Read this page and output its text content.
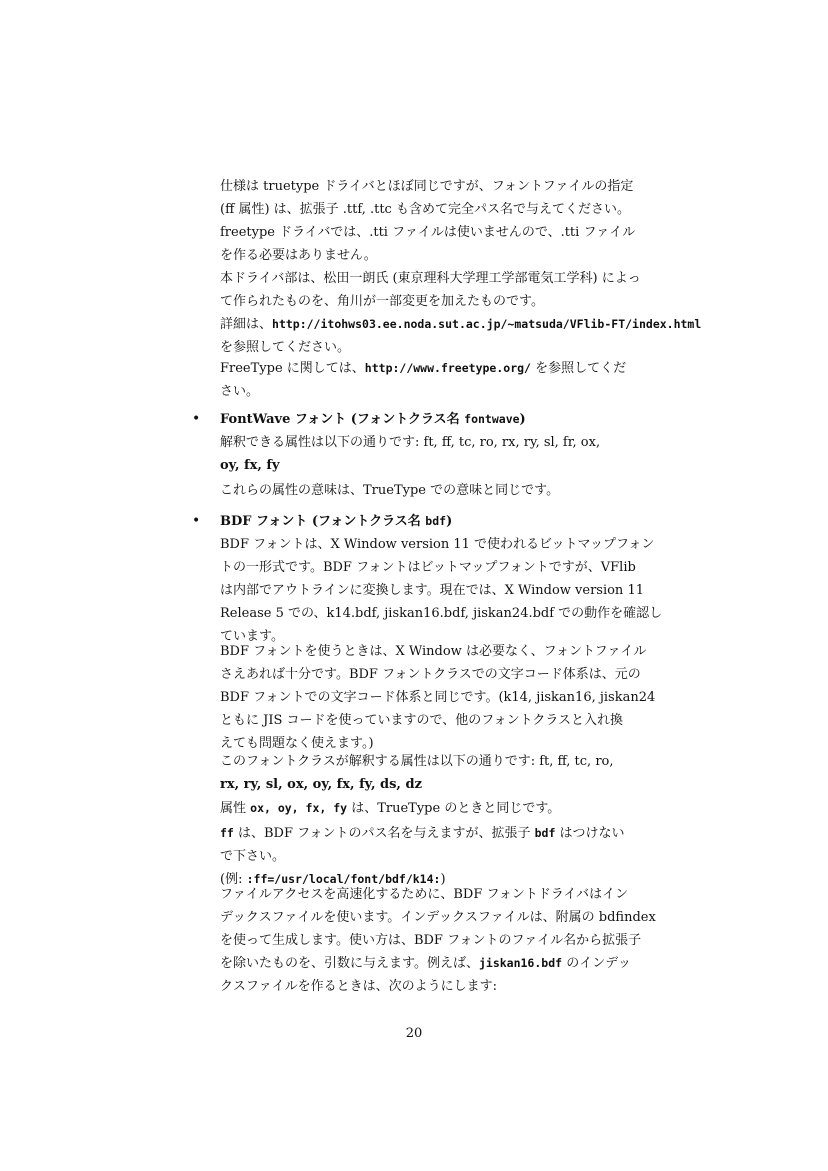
仕様は truetype ドライバとほぼ同じですが、フォントファイルの指定
(ff 属性) は、拡張子 .ttf, .ttc も含めて完全パス名で与えてください。
freetype ドライバでは、.tti ファイルは使いませんので、.tti ファイル
を作る必要はありません。
本ドライバ部は、松田一朗氏 (東京理科大学理工学部電気工学科) によっ
て作られたものを、角川が一部変更を加えたものです。
詳細は、http://itohws03.ee.noda.sut.ac.jp/~matsuda/VFlib-FT/index.html
を参照してください。
FreeType に関しては、http://www.freetype.org/ を参照してくだ
さい。
• FontWave フォント (フォントクラス名 fontwave)
解釈できる属性は以下の通りです: ft, ff, tc, ro, rx, ry, sl, fr, ox,
oy, fx, fy
これらの属性の意味は、TrueType での意味と同じです。
• BDF フォント (フォントクラス名 bdf)
BDF フォントは、X Window version 11 で使われるビットマップフォン
トの一形式です。BDF フォントはビットマップフォントですが、VFlib
は内部でアウトラインに変換します。現在では、X Window version 11
Release 5 での、k14.bdf, jiskan16.bdf, jiskan24.bdf での動作を確認し
ています。
BDF フォントを使うときは、X Window は必要なく、フォントファイル
さえあれば十分です。BDF フォントクラスでの文字コード体系は、元の
BDF フォントでの文字コード体系と同じです。(k14, jiskan16, jiskan24
ともに JIS コードを使っていますので、他のフォントクラスと入れ換
えても問題なく使えます。)
このフォントクラスが解釈する属性は以下の通りです: ft, ff, tc, ro,
rx, ry, sl, ox, oy, fx, fy, ds, dz
属性 ox, oy, fx, fy は、TrueType のときと同じです。
ff は、BDF フォントのパス名を与えますが、拡張子 bdf はつけない
で下さい。
(例: :ff=/usr/local/font/bdf/k14:)
ファイルアクセスを高速化するために、BDF フォントドライバはイン
デックスファイルを使います。インデックスファイルは、附属の bdfindex
を使って生成します。使い方は、BDF フォントのファイル名から拡張子
を除いたものを、引数に与えます。例えば、jiskan16.bdf のインデッ
クスファイルを作るときは、次のようにします:
20
